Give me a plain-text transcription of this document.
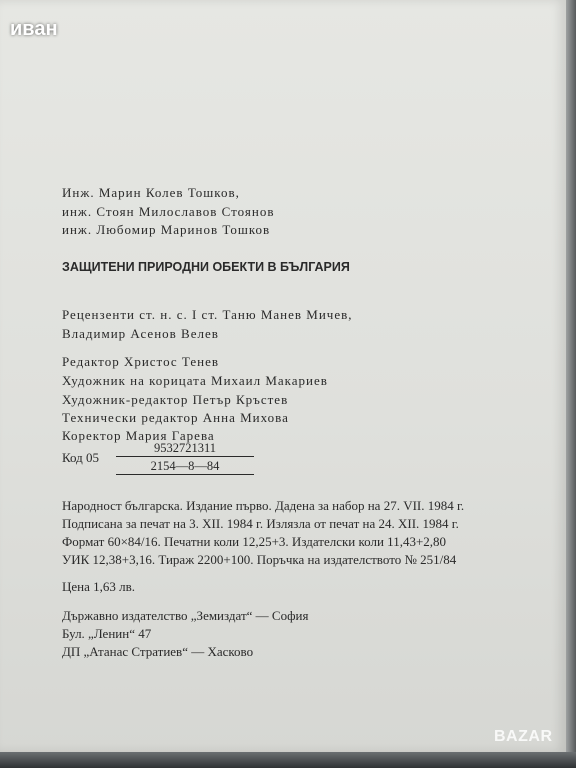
Инж. Марин Колев Тошков,
инж. Стоян Милославов Стоянов
инж. Любомир Маринов Тошков
ЗАЩИТЕНИ ПРИРОДНИ ОБЕКТИ В БЪЛГАРИЯ
Рецензенти ст. н. с. I ст. Таню Манев Мичев,
Владимир Асенов Велев
Редактор Христос Тенев
Художник на корицата Михаил Макариев
Художник-редактор Петър Кръстев
Технически редактор Анна Михова
Коректор Мария Гарева
Код 05
9532721311
2154—8—84
Народност българска. Издание първо. Дадена за набор на 27. VII. 1984 г.
Подписана за печат на 3. XII. 1984 г. Излязла от печат на 24. XII. 1984 г.
Формат 60×84/16. Печатни коли 12,25+3. Издателски коли 11,43+2,80
УИК 12,38+3,16. Тираж 2200+100. Поръчка на издателството № 251/84
Цена 1,63 лв.
Държавно издателство „Земиздат“ — София
Бул. „Ленин“ 47
ДП „Атанас Стратиев“ — Хасково
иван
BAZAR
